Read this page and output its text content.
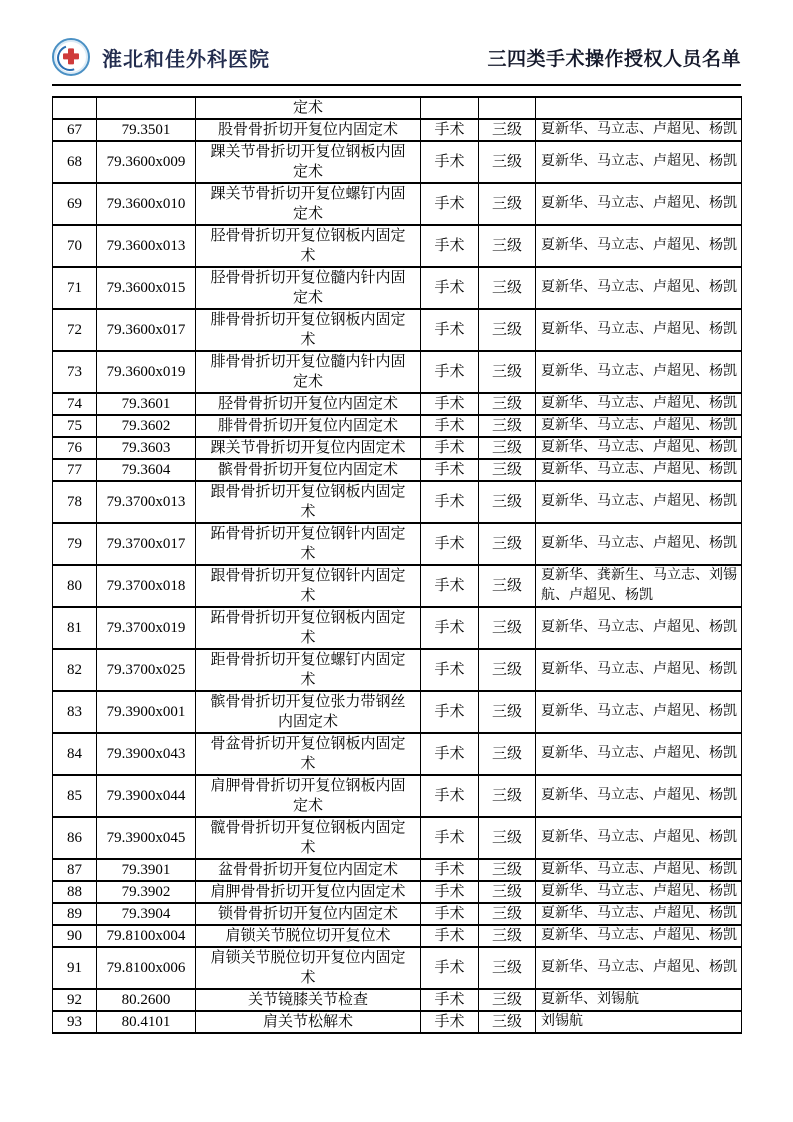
淮北和佳外科医院	三四类手术操作授权人员名单
		定术			
67	79.3501	股骨骨折切开复位内固定术	手术	三级	夏新华、马立志、卢超见、杨凯
68	79.3600x009	踝关节骨折切开复位钢板内固定术	手术	三级	夏新华、马立志、卢超见、杨凯
69	79.3600x010	踝关节骨折切开复位螺钉内固定术	手术	三级	夏新华、马立志、卢超见、杨凯
70	79.3600x013	胫骨骨折切开复位钢板内固定术	手术	三级	夏新华、马立志、卢超见、杨凯
71	79.3600x015	胫骨骨折切开复位髓内针内固定术	手术	三级	夏新华、马立志、卢超见、杨凯
72	79.3600x017	腓骨骨折切开复位钢板内固定术	手术	三级	夏新华、马立志、卢超见、杨凯
73	79.3600x019	腓骨骨折切开复位髓内针内固定术	手术	三级	夏新华、马立志、卢超见、杨凯
74	79.3601	胫骨骨折切开复位内固定术	手术	三级	夏新华、马立志、卢超见、杨凯
75	79.3602	腓骨骨折切开复位内固定术	手术	三级	夏新华、马立志、卢超见、杨凯
76	79.3603	踝关节骨折切开复位内固定术	手术	三级	夏新华、马立志、卢超见、杨凯
77	79.3604	髌骨骨折切开复位内固定术	手术	三级	夏新华、马立志、卢超见、杨凯
78	79.3700x013	跟骨骨折切开复位钢板内固定术	手术	三级	夏新华、马立志、卢超见、杨凯
79	79.3700x017	跖骨骨折切开复位钢针内固定术	手术	三级	夏新华、马立志、卢超见、杨凯
80	79.3700x018	跟骨骨折切开复位钢针内固定术	手术	三级	夏新华、龚新生、马立志、刘锡航、卢超见、杨凯
81	79.3700x019	跖骨骨折切开复位钢板内固定术	手术	三级	夏新华、马立志、卢超见、杨凯
82	79.3700x025	距骨骨折切开复位螺钉内固定术	手术	三级	夏新华、马立志、卢超见、杨凯
83	79.3900x001	髌骨骨折切开复位张力带钢丝内固定术	手术	三级	夏新华、马立志、卢超见、杨凯
84	79.3900x043	骨盆骨折切开复位钢板内固定术	手术	三级	夏新华、马立志、卢超见、杨凯
85	79.3900x044	肩胛骨骨折切开复位钢板内固定术	手术	三级	夏新华、马立志、卢超见、杨凯
86	79.3900x045	髋骨骨折切开复位钢板内固定术	手术	三级	夏新华、马立志、卢超见、杨凯
87	79.3901	盆骨骨折切开复位内固定术	手术	三级	夏新华、马立志、卢超见、杨凯
88	79.3902	肩胛骨骨折切开复位内固定术	手术	三级	夏新华、马立志、卢超见、杨凯
89	79.3904	锁骨骨折切开复位内固定术	手术	三级	夏新华、马立志、卢超见、杨凯
90	79.8100x004	肩锁关节脱位切开复位术	手术	三级	夏新华、马立志、卢超见、杨凯
91	79.8100x006	肩锁关节脱位切开复位内固定术	手术	三级	夏新华、马立志、卢超见、杨凯
92	80.2600	关节镜膝关节检查	手术	三级	夏新华、刘锡航
93	80.4101	肩关节松解术	手术	三级	刘锡航
